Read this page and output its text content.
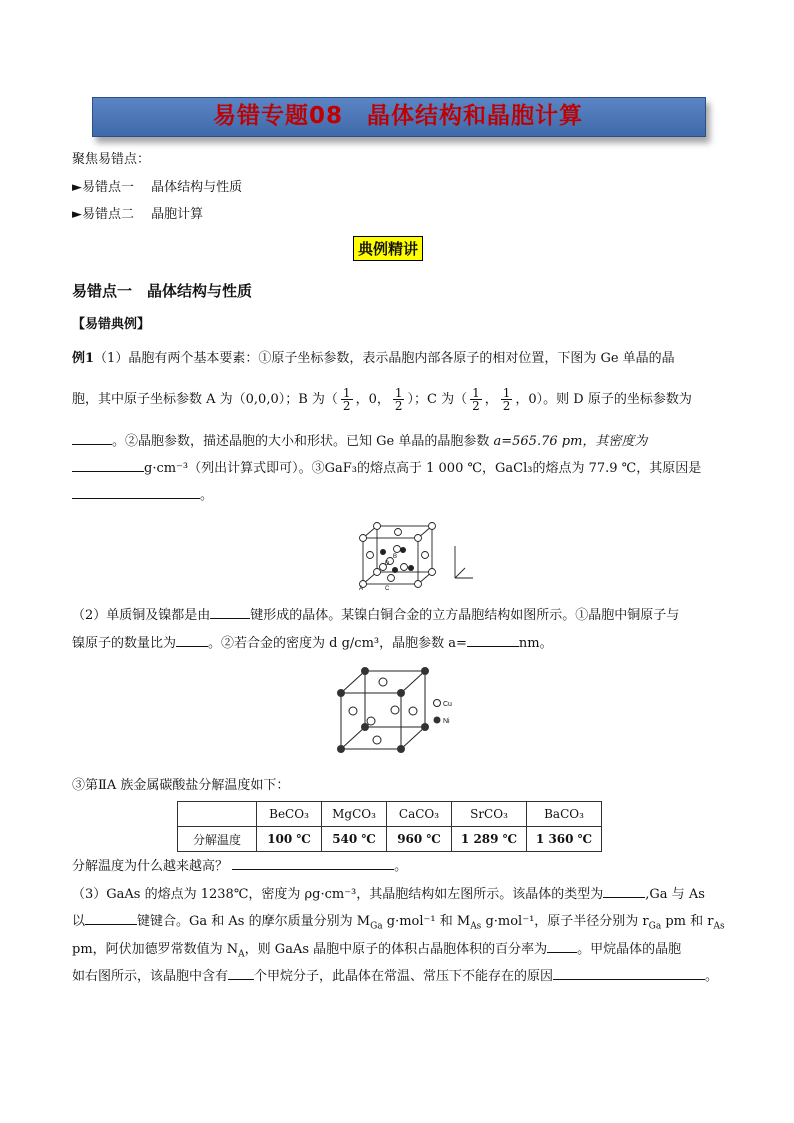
易错专题08　晶体结构和晶胞计算
聚焦易错点：
►易错点一　 晶体结构与性质
►易错点二　 晶胞计算
典例精讲
易错点一　晶体结构与性质
【易错典例】
例1（1）晶胞有两个基本要素：①原子坐标参数，表示晶胞内部各原子的相对位置，下图为 Ge 单晶的晶
胞，其中原子坐标参数 A 为（0,0,0）；B 为（ $\frac{1}{2}$ ，0， $\frac{1}{2}$ ）；C 为（ $\frac{1}{2}$ ， $\frac{1}{2}$ ，0）。则 D 原子的坐标参数为
。②晶胞参数，描述晶胞的大小和形状。已知 Ge 单晶的晶胞参数 a=565.76 pm，其密度为
g·cm⁻³（列出计算式即可）。③GaF₃的熔点高于 1 000 ℃，GaCl₃的熔点为 77.9 ℃，其原因是
。
A
B
C
D
（2）单质铜及镍都是由	键形成的晶体。某镍白铜合金的立方晶胞结构如图所示。①晶胞中铜原子与
镍原子的数量比为 。②若合金的密度为 d g/cm³，晶胞参数 a=	nm。
Cu
Ni
③第ⅡA 族金属碳酸盐分解温度如下：
	BeCO₃	MgCO₃	CaCO₃	SrCO₃	BaCO₃
分解温度	100 ℃	540 ℃	960 ℃	1 289 ℃	1 360 ℃
分解温度为什么越来越高？	。
（3）GaAs 的熔点为 1238℃，密度为 ρg·cm⁻³，其晶胞结构如左图所示。该晶体的类型为	,Ga 与 As
以	键键合。Ga 和 As 的摩尔质量分别为 $M_{Ga}$ g·mol⁻¹ 和 $M_{As}$ g·mol⁻¹，原子半径分别为 $r_{Ga}$ pm 和 $r_{As}$
pm，阿伏加德罗常数值为 $N_A$，则 GaAs 晶胞中原子的体积占晶胞体积的百分率为 。甲烷晶体的晶胞
如右图所示，该晶胞中含有 个甲烷分子，此晶体在常温、常压下不能存在的原因	。
